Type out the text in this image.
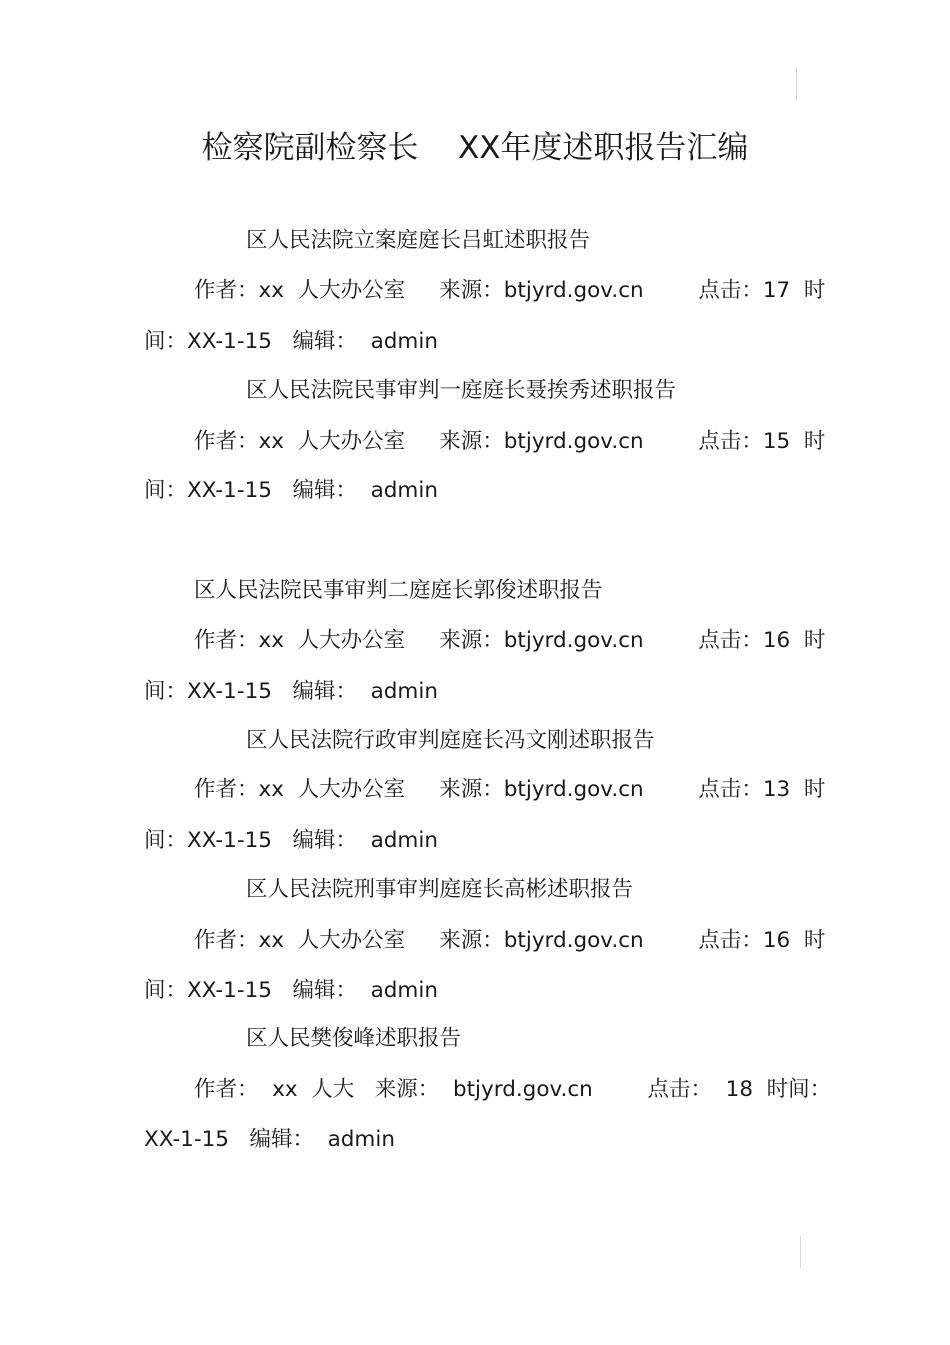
检察院副检察长    XX年度述职报告汇编
区人民法院立案庭庭长吕虹述职报告
作者：xx  人大办公室     来源：btjyrd.gov.cn        点击：17  时
间：XX-1-15   编辑：  admin
区人民法院民事审判一庭庭长聂挨秀述职报告
作者：xx  人大办公室     来源：btjyrd.gov.cn        点击：15  时
间：XX-1-15   编辑：  admin
区人民法院民事审判二庭庭长郭俊述职报告
作者：xx  人大办公室     来源：btjyrd.gov.cn        点击：16  时
间：XX-1-15   编辑：  admin
区人民法院行政审判庭庭长冯文刚述职报告
作者：xx  人大办公室     来源：btjyrd.gov.cn        点击：13  时
间：XX-1-15   编辑：  admin
区人民法院刑事审判庭庭长高彬述职报告
作者：xx  人大办公室     来源：btjyrd.gov.cn        点击：16  时
间：XX-1-15   编辑：  admin
区人民樊俊峰述职报告
作者：  xx  人大   来源：  btjyrd.gov.cn        点击：  18  时间：
XX-1-15   编辑：  admin
